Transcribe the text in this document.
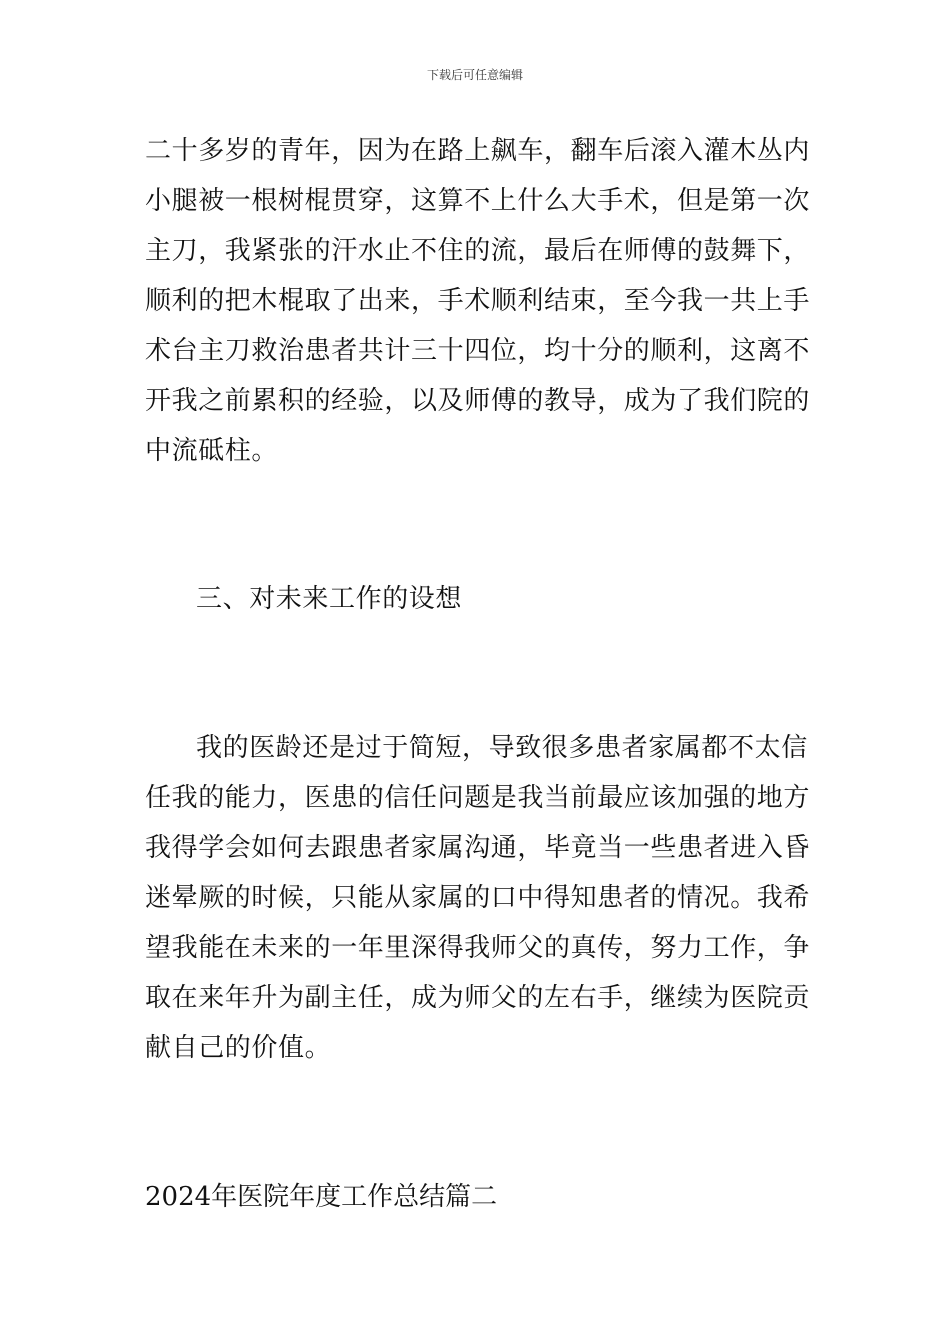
下载后可任意编辑
二十多岁的青年，因为在路上飙车，翻车后滚入灌木丛内
小腿被一根树棍贯穿，这算不上什么大手术，但是第一次
主刀，我紧张的汗水止不住的流，最后在师傅的鼓舞下，
顺利的把木棍取了出来，手术顺利结束，至今我一共上手
术台主刀救治患者共计三十四位，均十分的顺利，这离不
开我之前累积的经验，以及师傅的教导，成为了我们院的
中流砥柱。
三、对未来工作的设想
我的医龄还是过于简短，导致很多患者家属都不太信
任我的能力，医患的信任问题是我当前最应该加强的地方
我得学会如何去跟患者家属沟通，毕竟当一些患者进入昏
迷晕厥的时候，只能从家属的口中得知患者的情况。我希
望我能在未来的一年里深得我师父的真传，努力工作，争
取在来年升为副主任，成为师父的左右手，继续为医院贡
献自己的价值。
2024年医院年度工作总结篇二
